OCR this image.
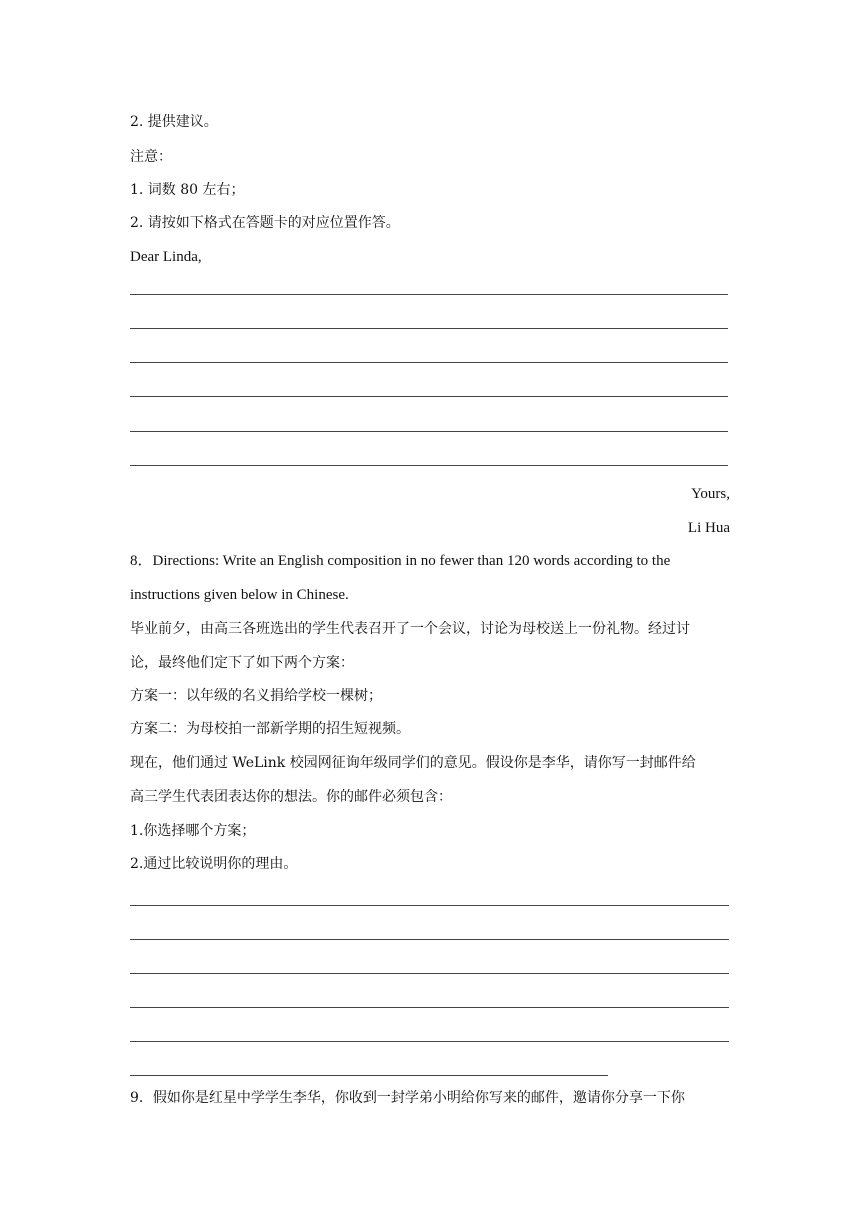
2. 提供建议。
注意：
1. 词数 80 左右；
2. 请按如下格式在答题卡的对应位置作答。
Dear Linda,
Yours,
Li Hua
8．Directions: Write an English composition in no fewer than 120 words according to the
instructions given below in Chinese.
毕业前夕，由高三各班选出的学生代表召开了一个会议，讨论为母校送上一份礼物。经过讨
论，最终他们定下了如下两个方案：
方案一：以年级的名义捐给学校一棵树；
方案二：为母校拍一部新学期的招生短视频。
现在，他们通过 WeLink 校园网征询年级同学们的意见。假设你是李华，请你写一封邮件给
高三学生代表团表达你的想法。你的邮件必须包含：
1.你选择哪个方案；
2.通过比较说明你的理由。
9．假如你是红星中学学生李华，你收到一封学弟小明给你写来的邮件，邀请你分享一下你
